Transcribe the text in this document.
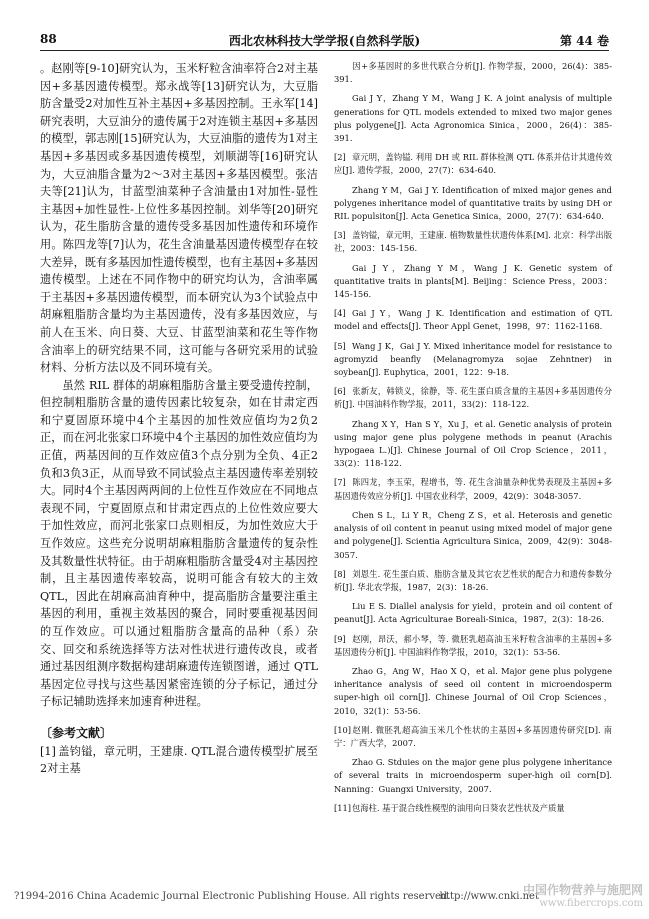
88	西北农林科技大学学报(自然科学版)	第 44 卷

。赵刚等[9-10]研究认为，玉米籽粒含油率符合2对主基因+多基因遗传模型。郑永战等[13]研究认为，大豆脂肪含量受2对加性互补主基因+多基因控制。王永军[14]研究表明，大豆油分的遗传属于2对连锁主基因+多基因的模型，郭志刚[15]研究认为，大豆油脂的遗传为1对主基因+多基因或多基因遗传模型，刘顺湖等[16]研究认为，大豆油脂含量为2～3对主基因+多基因模型。张洁夫等[21]认为，甘蓝型油菜种子含油量由1对加性-显性主基因+加性显性-上位性多基因控制。刘华等[20]研究认为，花生脂肪含量的遗传受多基因加性遗传和环境作用。陈四龙等[7]认为，花生含油量基因遗传模型存在较大差异，既有多基因加性遗传模型，也有主基因+多基因遗传模型。上述在不同作物中的研究均认为，含油率属于主基因+多基因遗传模型，而本研究认为3个试验点中胡麻粗脂肪含量均为主基因遗传，没有多基因效应，与前人在玉米、向日葵、大豆、甘蓝型油菜和花生等作物含油率上的研究结果不同，这可能与各研究采用的试验材料、分析方法以及不同环境有关。

虽然 RIL 群体的胡麻粗脂肪含量主要受遗传控制，但控制粗脂肪含量的遗传因素比较复杂，如在甘肃定西和宁夏固原环境中4个主基因的加性效应值均为2负2正，而在河北张家口环境中4个主基因的加性效应值均为正值，两基因间的互作效应值3个点分别为全负、4正2负和3负3正，从而导致不同试验点主基因遗传率差别较大。同时4个主基因两两间的上位性互作效应在不同地点表现不同，宁夏固原点和甘肃定西点的上位性效应要大于加性效应，而河北张家口点则相反，为加性效应大于互作效应。这些充分说明胡麻粗脂肪含量遗传的复杂性及其数量性状特征。由于胡麻粗脂肪含量受4对主基因控制，且主基因遗传率较高，说明可能含有较大的主效 QTL，因此在胡麻高油育种中，提高脂肪含量要注重主基因的利用，重视主效基因的聚合，同时要重视基因间的互作效应。可以通过粗脂肪含量高的品种（系）杂交、回交和系统选择等方法对性状进行遗传改良，或者通过基因组测序数据构建胡麻遗传连锁图谱，通过 QTL 基因定位寻找与这些基因紧密连锁的分子标记，通过分子标记辅助选择来加速育种进程。

〔参考文献〕
[1] 盖钧镒，章元明，王建康. QTL混合遗传模型扩展至2对主基
因+多基因时的多世代联合分析[J]. 作物学报，2000，26(4)：385-391.
Gai J Y，Zhang Y M，Wang J K. A joint analysis of multiple generations for QTL models extended to mixed two major genes plus polygene[J]. Acta Agronomica Sinica，2000，26(4)：385-391.
[2] 章元明，盖钧镒. 利用 DH 或 RIL 群体检测 QTL 体系并估计其遗传效应[J]. 遗传学报，2000，27(7)：634-640.
Zhang Y M，Gai J Y. Identification of mixed major genes and polygenes inheritance model of quantitative traits by using DH or RIL populsiton[J]. Acta Genetica Sinica，2000，27(7)：634-640.
[3] 盖钧镒，章元明，王建康. 植物数量性状遗传体系[M]. 北京：科学出版社，2003：145-156.
Gai J Y，Zhang Y M，Wang J K. Genetic system of quantitative traits in plants[M]. Beijing：Science Press，2003：145-156.
[4] Gai J Y，Wang J K. Identification and estimation of QTL model and effects[J]. Theor Appl Genet，1998，97：1162-1168.
[5] Wang J K，Gai J Y. Mixed inheritance model for resistance to agromyzid beanfly (Melanagromyza sojae Zehntner) in soybean[J]. Euphytica，2001，122：9-18.
[6] 张新友，韩锁义，徐静，等. 花生蛋白质含量的主基因+多基因遗传分析[J]. 中国油料作物学报，2011，33(2)：118-122.
Zhang X Y，Han S Y，Xu J，et al. Genetic analysis of protein using major gene plus polygene methods in peanut (Arachis hypogaea L.)[J]. Chinese Journal of Oil Crop Science，2011，33(2)：118-122.
[7] 陈四龙，李玉荣，程增书，等. 花生含油量杂种优势表现及主基因+多基因遗传效应分析[J]. 中国农业科学，2009，42(9)：3048-3057.
Chen S L，Li Y R，Cheng Z S，et al. Heterosis and genetic analysis of oil content in peanut using mixed model of major gene and polygene[J]. Scientia Agricultura Sinica，2009，42(9)：3048-3057.
[8] 刘恩生. 花生蛋白质、脂肪含量及其它农艺性状的配合力和遗传参数分析[J]. 华北农学报，1987，2(3)：18-26.
Liu E S. Diallel analysis for yield，protein and oil content of peanut[J]. Acta Agriculturae Boreali-Sinica，1987，2(3)：18-26.
[9] 赵刚，昂沃，郝小琴，等. 微胚乳超高油玉米籽粒含油率的主基因+多基因遗传分析[J]. 中国油料作物学报，2010，32(1)：53-56.
Zhao G，Ang W，Hao X Q，et al. Major gene plus polygene inheritance analysis of seed oil content in microendosperm super-high oil corn[J]. Chinese Journal of Oil Crop Sciences，2010，32(1)：53-56.
[10]赵刚. 微胚乳超高油玉米几个性状的主基因+多基因遗传研究[D]. 南宁：广西大学，2007.
Zhao G. Stduies on the major gene plus polygene inheritance of several traits in microendosperm super-high oil corn[D]. Nanning：Guangxi University，2007.
[11]包海柱. 基于混合线性模型的油用向日葵农艺性状及产质量
?1994-2016 China Academic Journal Electronic Publishing House. All rights reserved.
http://www.cnki.net
中国作物营养与施肥网
www.fibercrops.com
